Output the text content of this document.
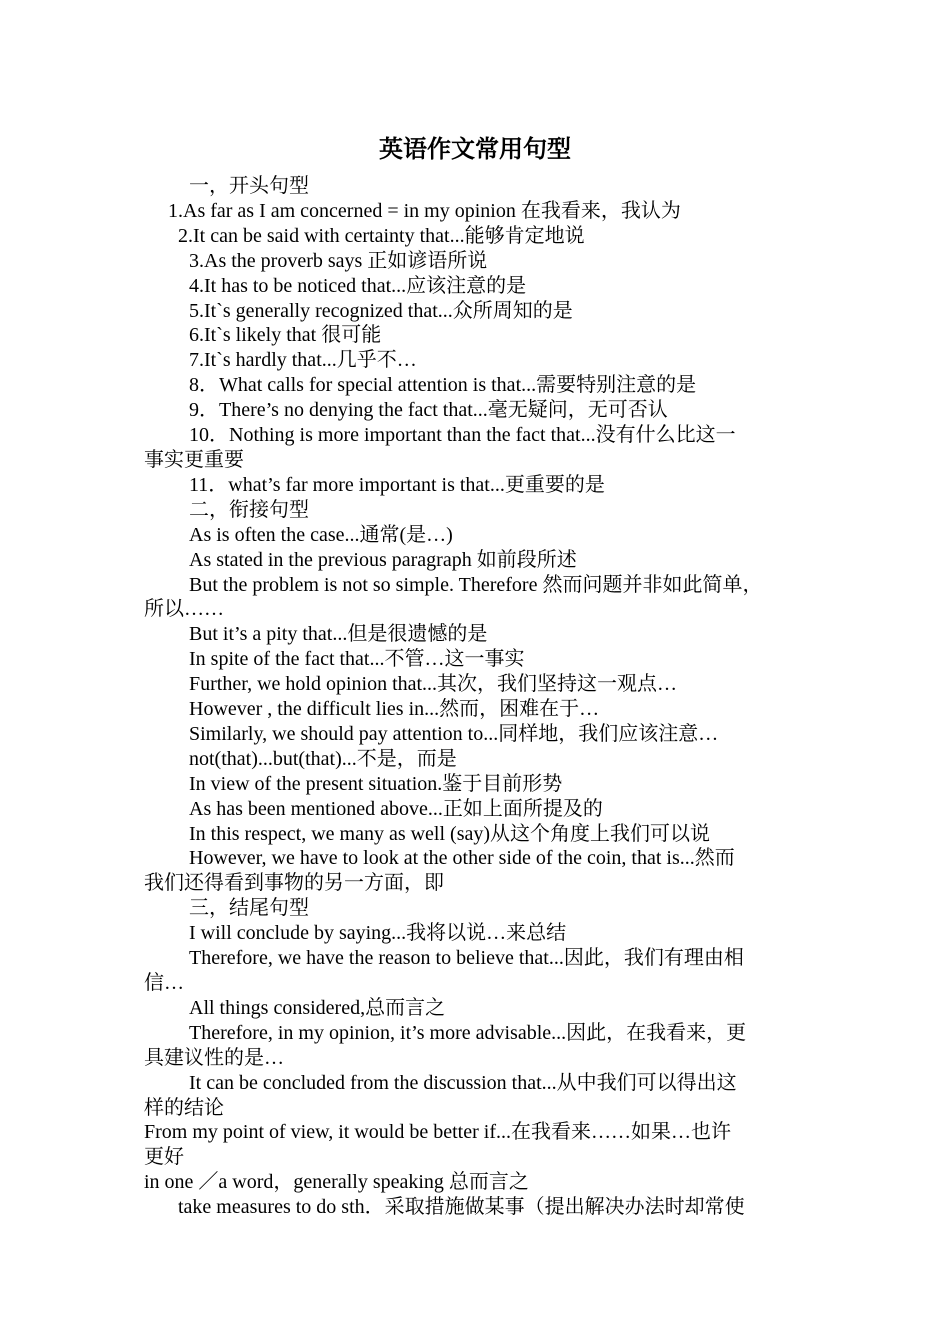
英语作文常用句型
一，开头句型
1.As far as I am concerned = in my opinion 在我看来，我认为
2.It can be said with certainty that...能够肯定地说
3.As the proverb says 正如谚语所说
4.It has to be noticed that...应该注意的是
5.It`s generally recognized that...众所周知的是
6.It`s likely that 很可能
7.It`s hardly that...几乎不…
8．What calls for special attention is that...需要特别注意的是
9．There’s no denying the fact that...毫无疑问，无可否认
10．Nothing is more important than the fact that...没有什么比这一
事实更重要
11．what’s far more important is that...更重要的是
二，衔接句型
As is often the case...通常(是…)
As stated in the previous paragraph 如前段所述
But the problem is not so simple. Therefore 然而问题并非如此简单，
所以……
But it’s a pity that...但是很遗憾的是
In spite of the fact that...不管…这一事实
Further, we hold opinion that...其次，我们坚持这一观点…
However , the difficult lies in...然而，困难在于…
Similarly, we should pay attention to...同样地，我们应该注意…
not(that)...but(that)...不是，而是
In view of the present situation.鉴于目前形势
As has been mentioned above...正如上面所提及的
In this respect, we many as well (say)从这个角度上我们可以说
However, we have to look at the other side of the coin, that is...然而
我们还得看到事物的另一方面，即
三，结尾句型
I will conclude by saying...我将以说…来总结
Therefore, we have the reason to believe that...因此，我们有理由相
信…
All things considered,总而言之
Therefore, in my opinion, it’s more advisable...因此，在我看来，更
具建议性的是…
It can be concluded from the discussion that...从中我们可以得出这
样的结论
From my point of view, it would be better if...在我看来……如果…也许
更好
in one ／a word，generally speaking 总而言之
take measures to do sth．采取措施做某事（提出解决办法时却常使
